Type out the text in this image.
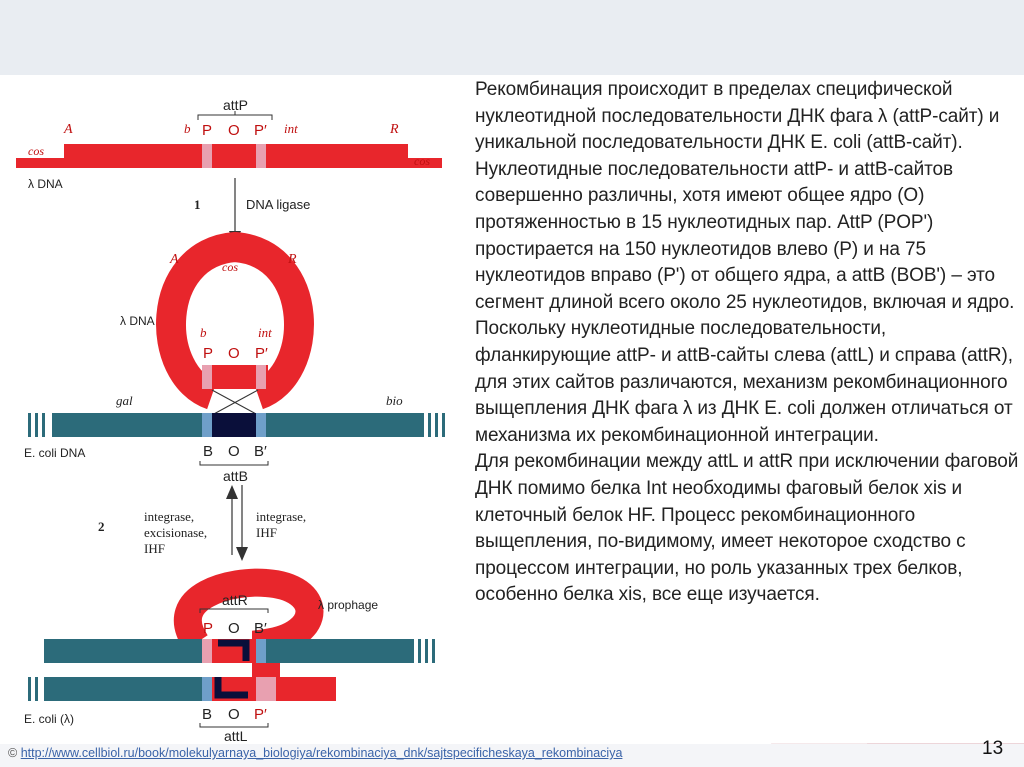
attP
cos
cos
A	R
b P O P′ int
λ DNA
1	DNA ligase
A	R
cos
λ DNA
b	int
P O P′
gal	bio
E. coli DNA	B O B′
attB
2
integrase,
excisionase,
IHF
integrase,
IHF
attR	λ prophage
P O B′
E. coli (λ)	B O P′
attL

Рекомбинация происходит в пределах специфической нуклеотидной последовательности ДНК фага λ (attP-сайт) и уникальной последовательности ДНК E. coli (attB-сайт). Нуклеотидные последовательности attP- и attB-сайтов совершенно различны, хотя имеют общее ядро (O) протяженностью в 15 нуклеотидных пар. AttP (POP') простирается на 150 нуклеотидов влево (P) и на 75 нуклеотидов вправо (P') от общего ядра, а attB (BOB') – это сегмент длиной всего около 25 нуклеотидов, включая и ядро. Поскольку нуклеотидные последовательности, фланкирующие attP- и attB-сайты слева (attL) и справа (attR), для этих сайтов различаются, механизм рекомбинационного выщепления ДНК фага λ из ДНК E. coli должен отличаться от механизма их рекомбинационной интеграции.

Для рекомбинации между attL и attR при исключении фаговой ДНК помимо белка Int необходимы фаговый белок xis и клеточный белок HF. Процесс рекомбинационного выщепления, по-видимому, имеет некоторое сходство с процессом интеграции, но роль указанных трех белков, особенно белка xis, все еще изучается.

© http://www.cellbiol.ru/book/molekulyarnaya_biologiya/rekombinaciya_dnk/sajtspecificheskaya_rekombinaciya	13
